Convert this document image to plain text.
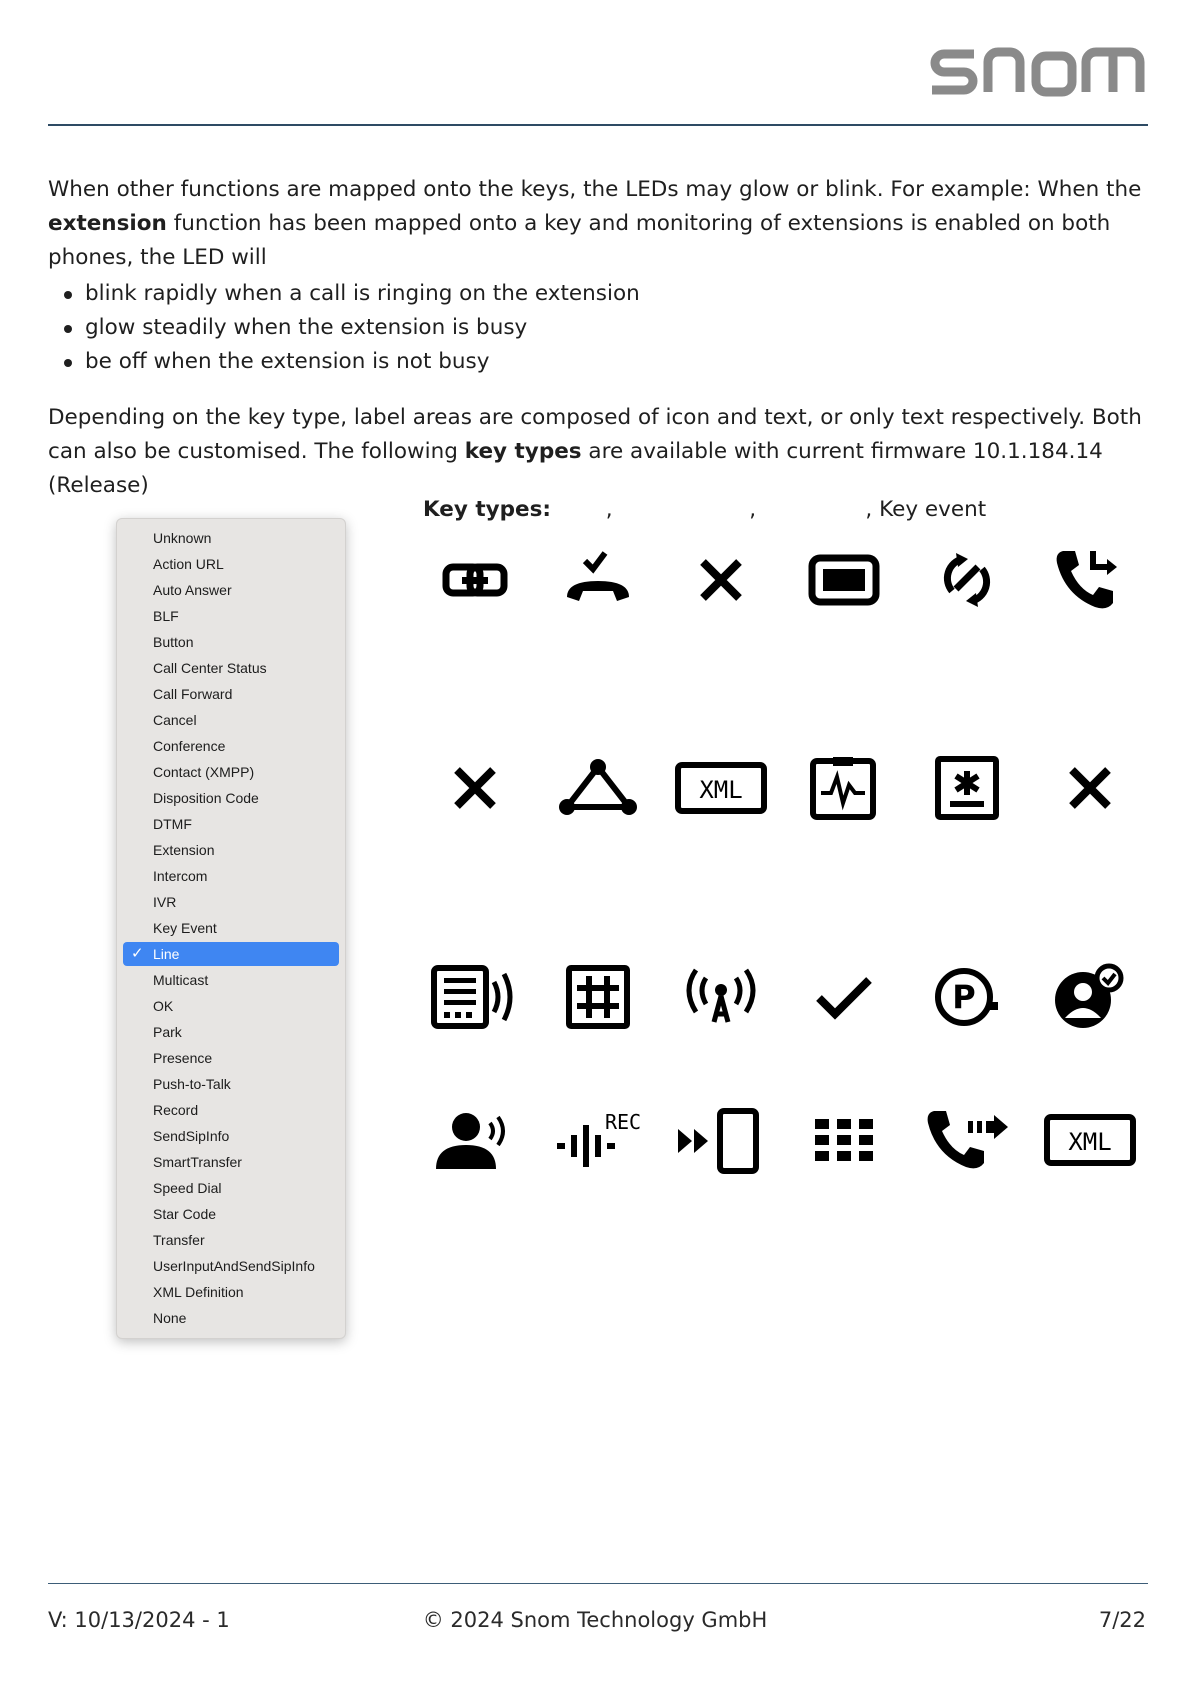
When other functions are mapped onto the keys, the LEDs may glow or blink. For example: When the extension function has been mapped onto a key and monitoring of extensions is enabled on both phones, the LED will

blink rapidly when a call is ringing on the extension
glow steadily when the extension is busy
be off when the extension is not busy

Depending on the key type, label areas are composed of icon and text, or only text respectively. Both can also be customised. The following key types are available with current firmware 10.1.184.14 (Release)

Unknown
Action URL
Auto Answer
BLF
Button
Call Center Status
Call Forward
Cancel
Conference
Contact (XMPP)
Disposition Code
DTMF
Extension
Intercom
IVR
Key Event
Line
✓
Multicast
OK
Park
Presence
Push-to-Talk
Record
SendSipInfo
SmartTransfer
Speed Dial
Star Code
Transfer
UserInputAndSendSipInfo
XML Definition
None
Key types:        ,                    ,                , Key event
XML
P
REC
XML
V: 10/13/2024 - 1	© 2024 Snom Technology GmbH	7/22
